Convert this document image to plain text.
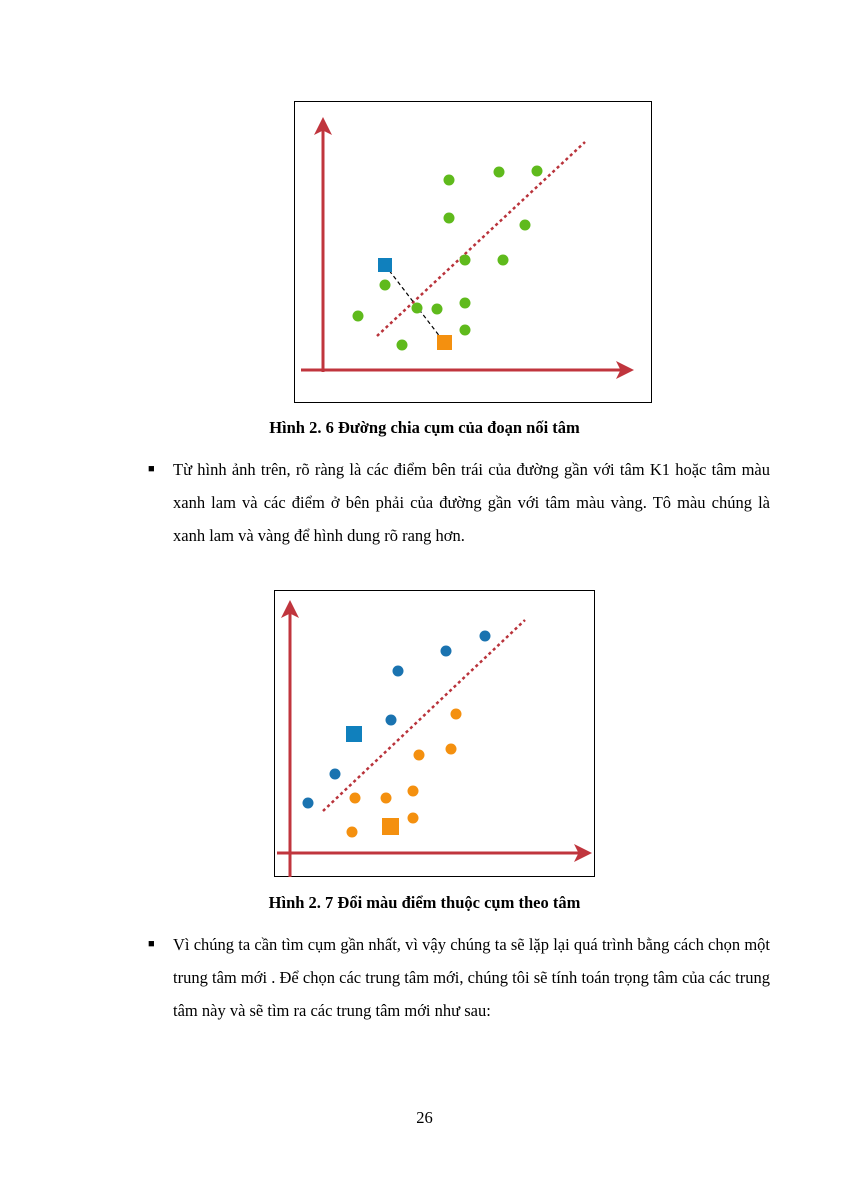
Hình 2. 6 Đường chia cụm của đoạn nối tâm
■ Từ hình ảnh trên, rõ ràng là các điểm bên trái của đường gần với tâm K1 hoặc tâm màu xanh lam và các điểm ở bên phải của đường gần với tâm màu vàng. Tô màu chúng là xanh lam và vàng để hình dung rõ rang hơn.
Hình 2. 7 Đổi màu điểm thuộc cụm theo tâm
■ Vì chúng ta cần tìm cụm gần nhất, vì vậy chúng ta sẽ lặp lại quá trình bằng cách chọn một trung tâm mới . Để chọn các trung tâm mới, chúng tôi sẽ tính toán trọng tâm của các trung tâm này và sẽ tìm ra các trung tâm mới như sau:
26
